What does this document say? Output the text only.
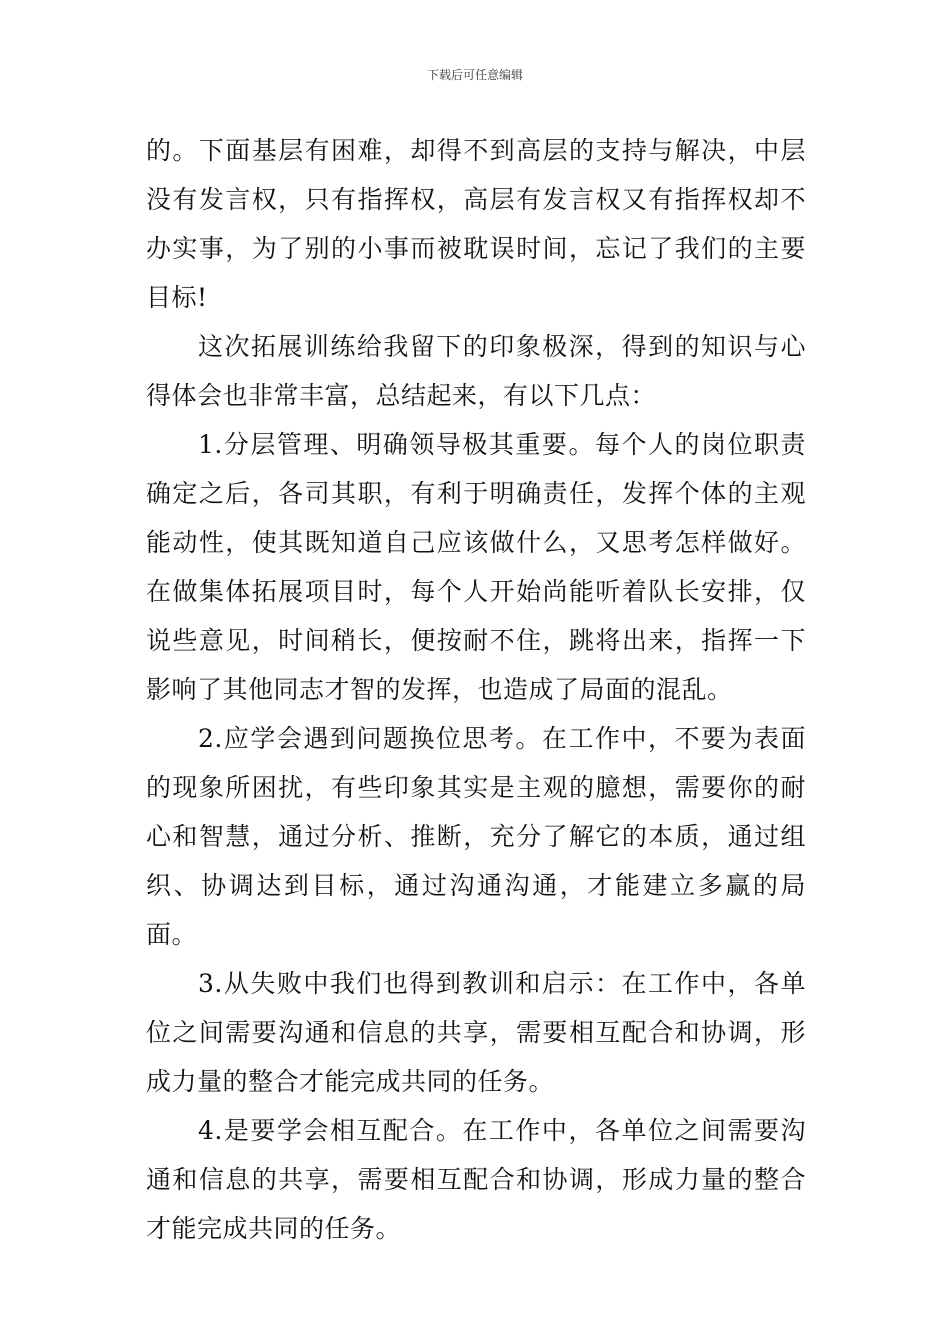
下载后可任意编辑

的。下面基层有困难，却得不到高层的支持与解决，中层没有发言权，只有指挥权，高层有发言权又有指挥权却不办实事，为了别的小事而被耽误时间，忘记了我们的主要目标!

这次拓展训练给我留下的印象极深，得到的知识与心得体会也非常丰富，总结起来，有以下几点：

1.分层管理、明确领导极其重要。每个人的岗位职责确定之后，各司其职，有利于明确责任，发挥个体的主观能动性，使其既知道自己应该做什么，又思考怎样做好。在做集体拓展项目时，每个人开始尚能听着队长安排，仅说些意见，时间稍长，便按耐不住，跳将出来，指挥一下影响了其他同志才智的发挥，也造成了局面的混乱。

2.应学会遇到问题换位思考。在工作中，不要为表面的现象所困扰，有些印象其实是主观的臆想，需要你的耐心和智慧，通过分析、推断，充分了解它的本质，通过组织、协调达到目标，通过沟通沟通，才能建立多赢的局面。

3.从失败中我们也得到教训和启示：在工作中，各单位之间需要沟通和信息的共享，需要相互配合和协调，形成力量的整合才能完成共同的任务。

4.是要学会相互配合。在工作中，各单位之间需要沟通和信息的共享，需要相互配合和协调，形成力量的整合才能完成共同的任务。
